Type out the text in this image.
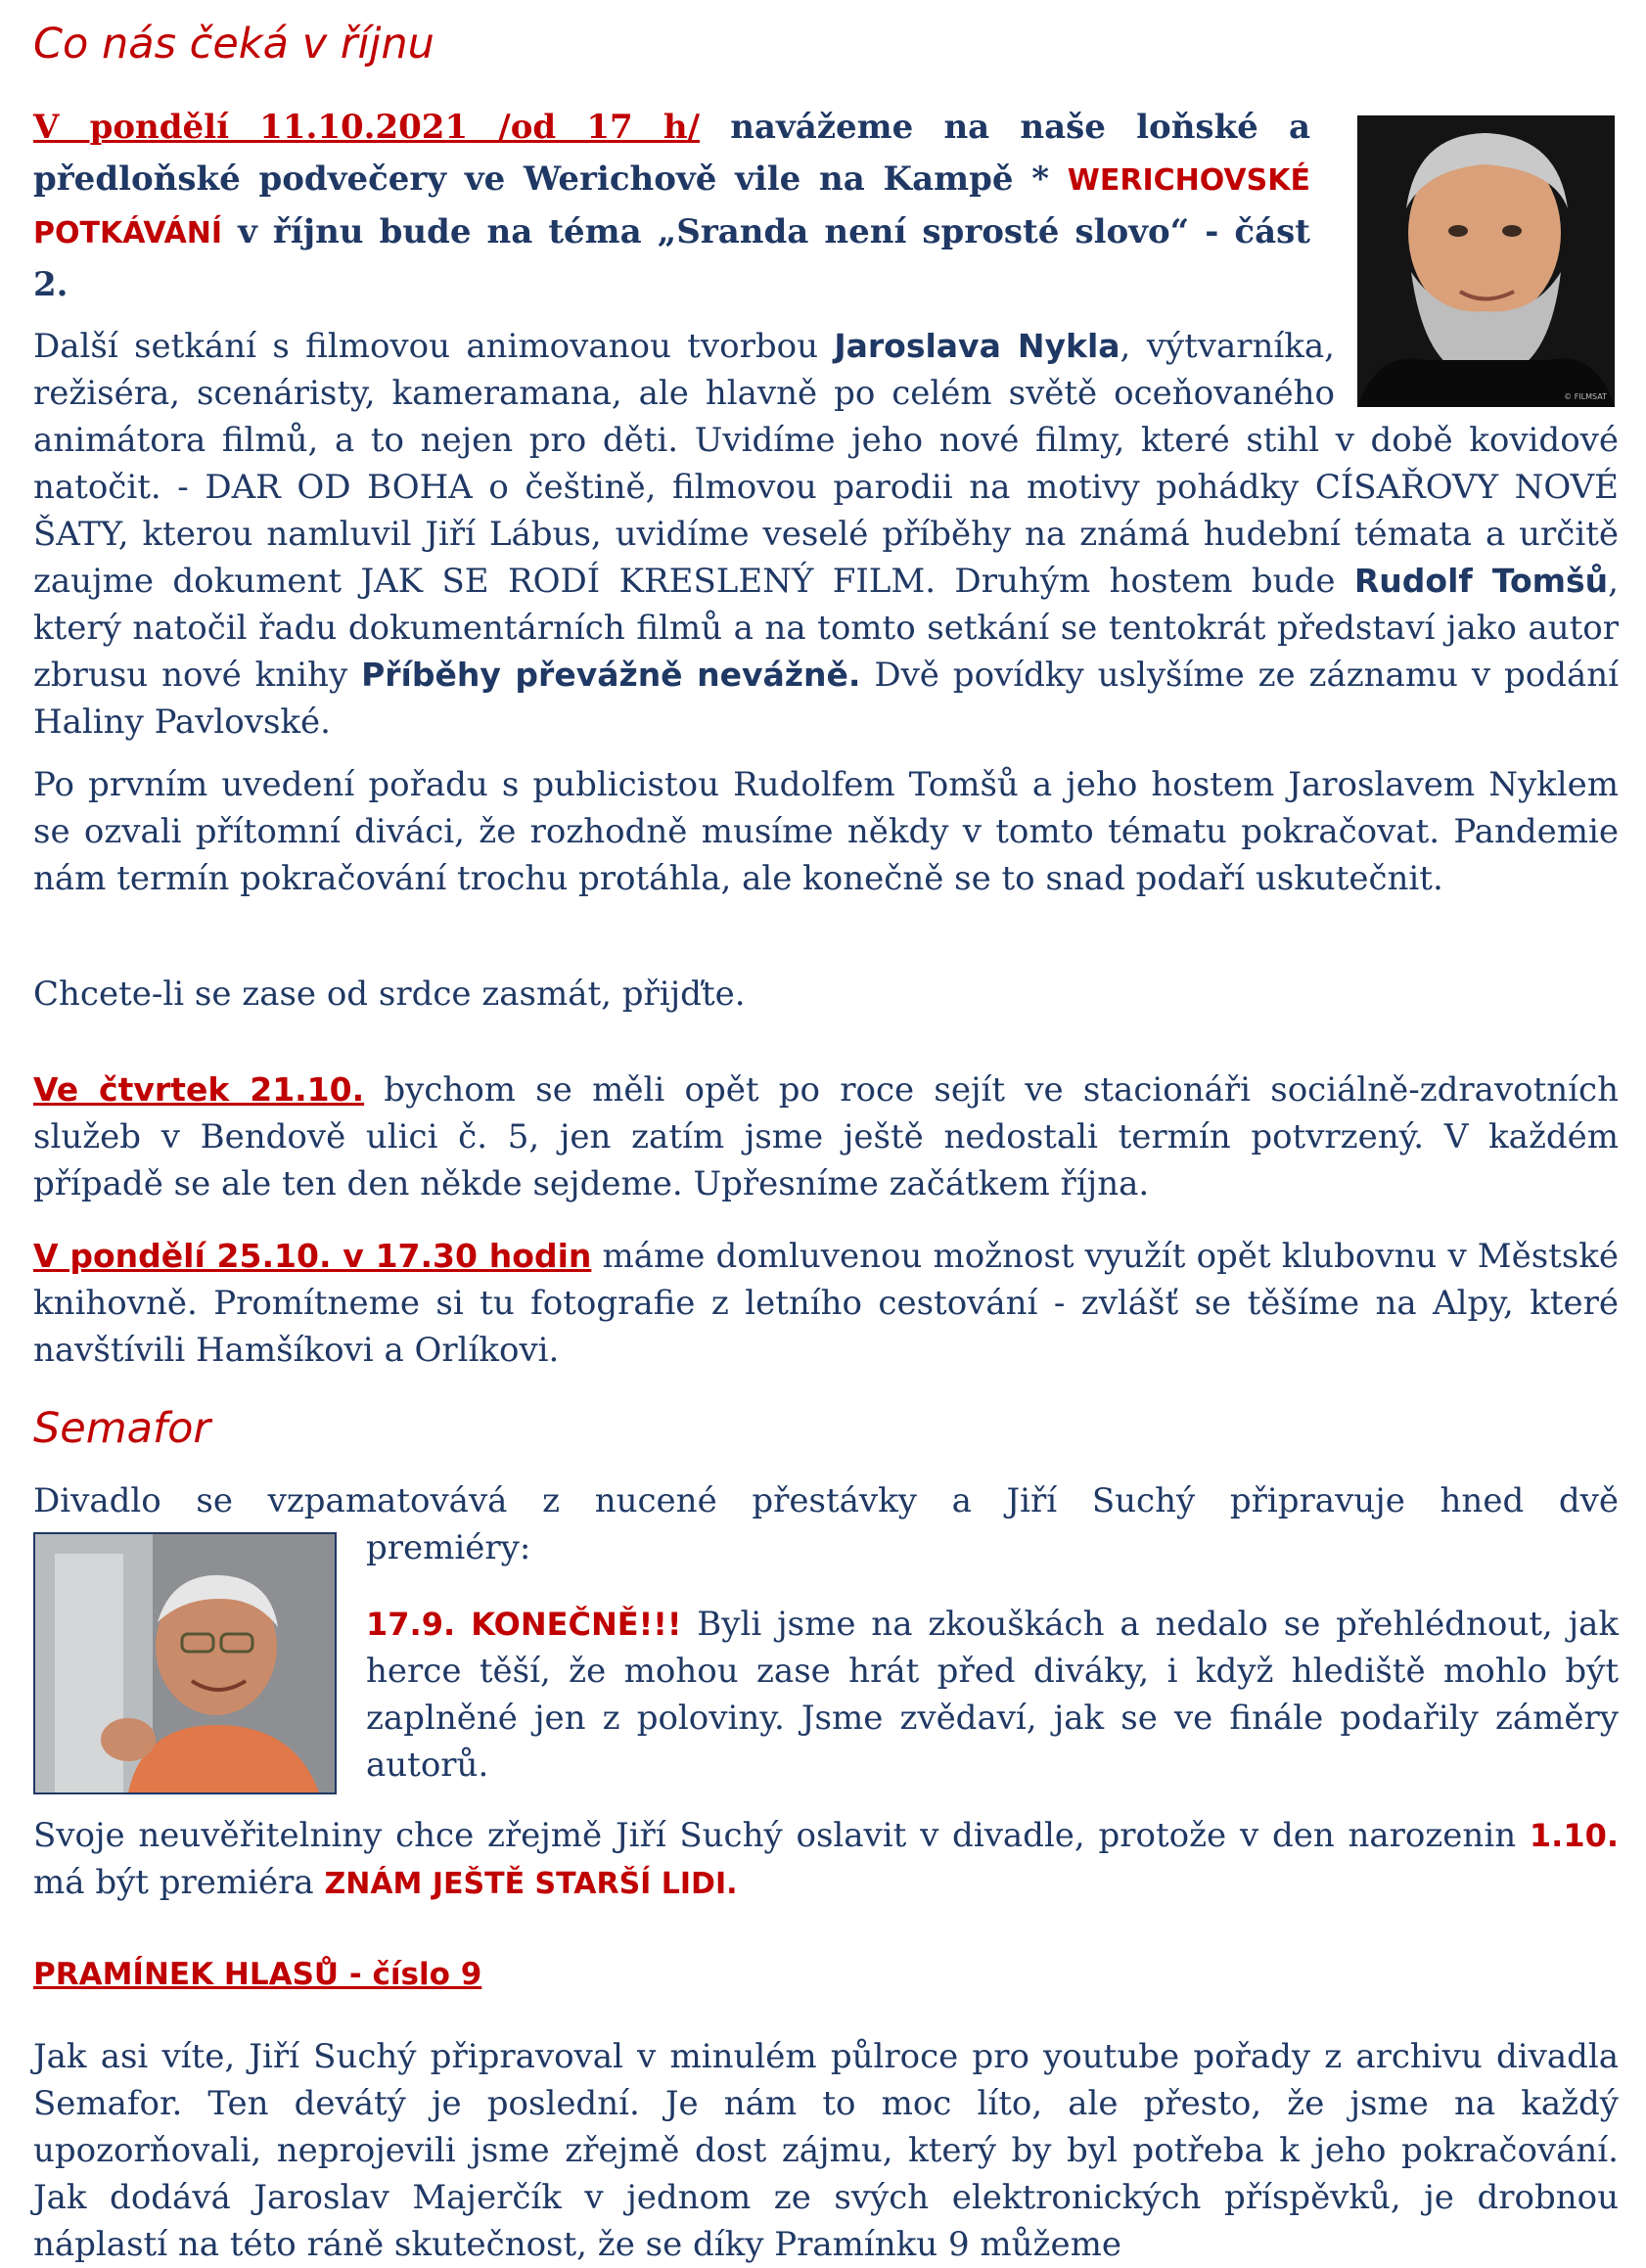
Co nás čeká v říjnu
© FILMSAT

V pondělí 11.10.2021 /od 17 h/ navážeme na naše loňské a předloňské podvečery ve Werichově vile na Kampě * WERICHOVSKÉ POTKÁVÁNÍ v říjnu bude na téma „Sranda není sprosté slovo“ - část 2.

Další setkání s filmovou animovanou tvorbou Jaroslava Nykla, výtvarníka, režiséra, scenáristy, kameramana, ale hlavně po celém světě oceňovaného animátora filmů, a to nejen pro děti. Uvidíme jeho nové filmy, které stihl v době kovidové natočit. - DAR OD BOHA o češtině, filmovou parodii na motivy pohádky CÍSAŘOVY NOVÉ ŠATY, kterou namluvil Jiří Lábus, uvidíme veselé příběhy na známá hudební témata a určitě zaujme dokument JAK SE RODÍ KRESLENÝ FILM. Druhým hostem bude Rudolf Tomšů, který natočil řadu dokumentárních filmů a na tomto setkání se tentokrát představí jako autor zbrusu nové knihy Příběhy převážně nevážně. Dvě povídky uslyšíme ze záznamu v podání Haliny Pavlovské.

Po prvním uvedení pořadu s publicistou Rudolfem Tomšů a jeho hostem Jaroslavem Nyklem se ozvali přítomní diváci, že rozhodně musíme někdy v tomto tématu pokračovat. Pandemie nám termín pokračování trochu protáhla, ale konečně se to snad podaří uskutečnit.

Chcete-li se zase od srdce zasmát, přijďte.

Ve čtvrtek 21.10. bychom se měli opět po roce sejít ve stacionáři sociálně-zdravotních služeb v Bendově ulici č. 5, jen zatím jsme ještě nedostali termín potvrzený. V každém případě se ale ten den někde sejdeme. Upřesníme začátkem října.

V pondělí 25.10. v 17.30 hodin máme domluvenou možnost využít opět klubovnu v Městské knihovně. Promítneme si tu fotografie z letního cestování - zvlášť se těšíme na Alpy, které navštívili Hamšíkovi a Orlíkovi.

Semafor

Divadlo se vzpamatovává z nucené přestávky a Jiří Suchý připravuje hned dvě

premiéry:

17.9. KONEČNĚ!!! Byli jsme na zkouškách a nedalo se přehlédnout, jak herce těší, že mohou zase hrát před diváky, i když hlediště mohlo být zaplněné jen z poloviny. Jsme zvědaví, jak se ve finále podařily záměry autorů.

Svoje neuvěřitelniny chce zřejmě Jiří Suchý oslavit v divadle, protože v den narozenin 1.10. má být premiéra ZNÁM JEŠTĚ STARŠÍ LIDI.

PRAMÍNEK HLASŮ - číslo 9

Jak asi víte, Jiří Suchý připravoval v minulém půlroce pro youtube pořady z archivu divadla Semafor. Ten devátý je poslední. Je nám to moc líto, ale přesto, že jsme na každý upozorňovali, neprojevili jsme zřejmě dost zájmu, který by byl potřeba k jeho pokračování. Jak dodává Jaroslav Majerčík v jednom ze svých elektronických příspěvků, je drobnou náplastí na této ráně skutečnost, že se díky Pramínku 9 můžeme
